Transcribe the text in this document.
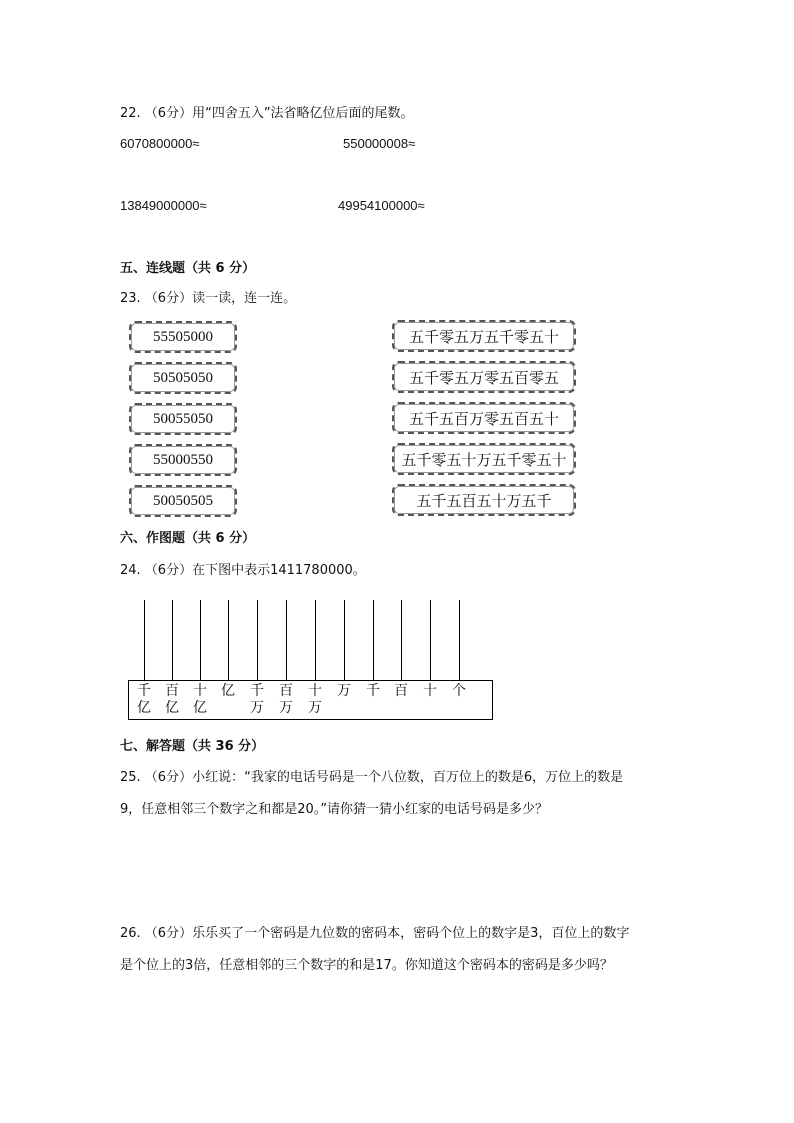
22. （6分）用“四舍五入”法省略亿位后面的尾数。
6070800000≈	550000008≈
13849000000≈	49954100000≈
五、连线题（共 6 分）
23. （6分）读一读，连一连。
55505000
50505050
50055050
55000550
50050505
五千零五万五千零五十
五千零五万零五百零五
五千五百万零五百五十
五千零五十万五千零五十
五千五百五十万五千
六、作图题（共 6 分）
24. （6分）在下图中表示1411780000。
千 百 十 亿 千 百 十 万 千 百 十 个
亿 亿 亿	万 万 万
七、解答题（共 36 分）
25. （6分）小红说：“我家的电话号码是一个八位数，百万位上的数是6，万位上的数是
9，任意相邻三个数字之和都是20。”请你猜一猜小红家的电话号码是多少？
26. （6分）乐乐买了一个密码是九位数的密码本，密码个位上的数字是3，百位上的数字
是个位上的3倍，任意相邻的三个数字的和是17。你知道这个密码本的密码是多少吗？
